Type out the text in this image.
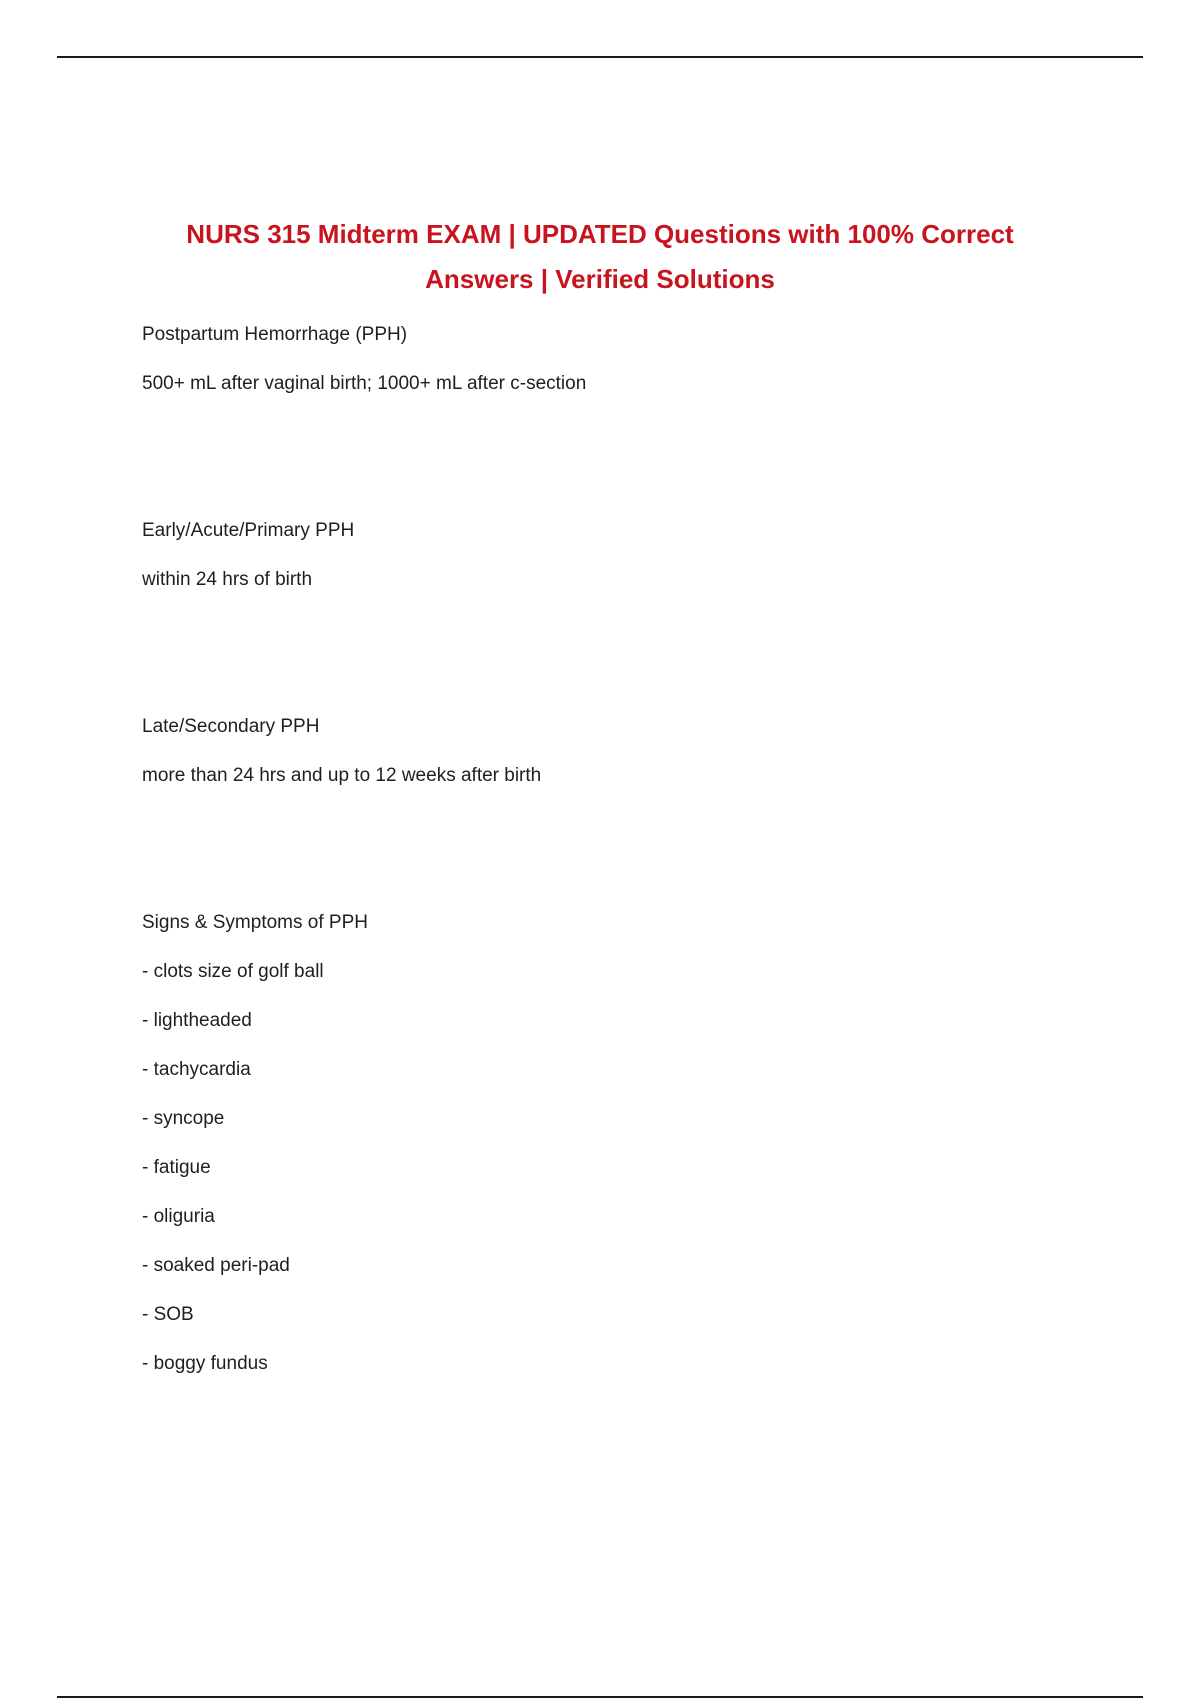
NURS 315 Midterm EXAM | UPDATED Questions with 100% Correct
Answers | Verified Solutions
Postpartum Hemorrhage (PPH)
500+ mL after vaginal birth; 1000+ mL after c-section
Early/Acute/Primary PPH
within 24 hrs of birth
Late/Secondary PPH
more than 24 hrs and up to 12 weeks after birth
Signs & Symptoms of PPH
- clots size of golf ball
- lightheaded
- tachycardia
- syncope
- fatigue
- oliguria
- soaked peri-pad
- SOB
- boggy fundus
